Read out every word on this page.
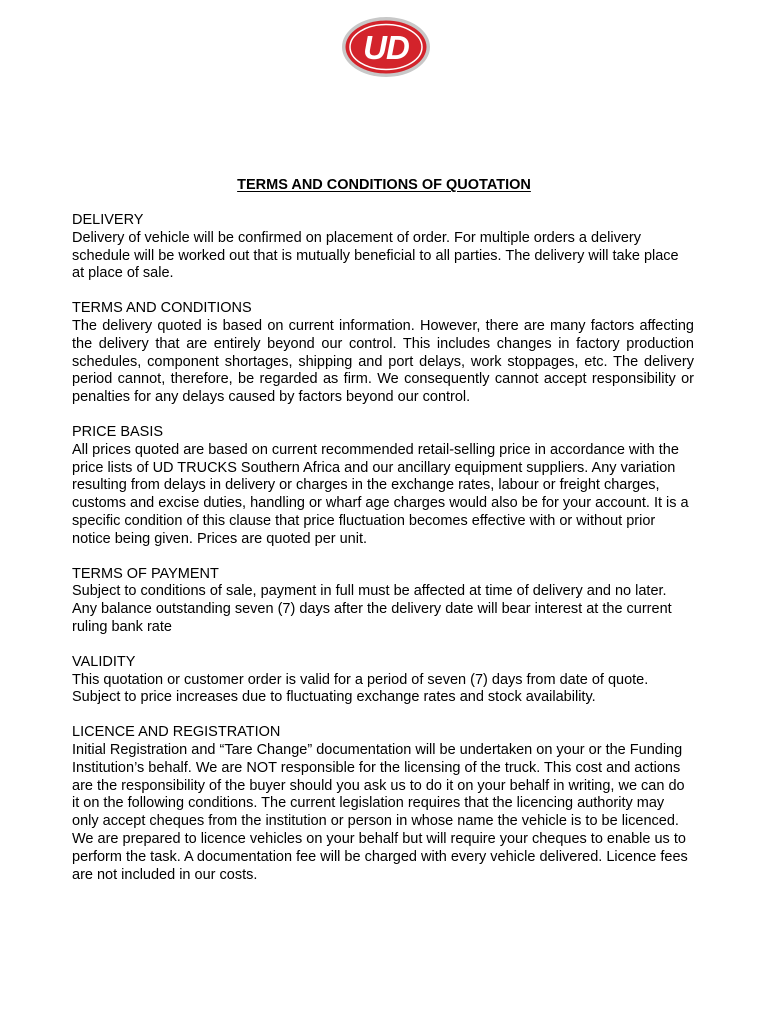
UD
TERMS AND CONDITIONS OF QUOTATION

DELIVERY

Delivery of vehicle will be confirmed on placement of order. For multiple orders a delivery schedule will be worked out that is mutually beneficial to all parties. The delivery will take place at place of sale.

TERMS AND CONDITIONS

The delivery quoted is based on current information. However, there are many factors affecting the delivery that are entirely beyond our control. This includes changes in factory production schedules, component shortages, shipping and port delays, work stoppages, etc. The delivery period cannot, therefore, be regarded as firm. We consequently cannot accept responsibility or penalties for any delays caused by factors beyond our control.

PRICE BASIS

All prices quoted are based on current recommended retail-selling price in accordance with the price lists of UD TRUCKS Southern Africa and our ancillary equipment suppliers. Any variation resulting from delays in delivery or charges in the exchange rates, labour or freight charges, customs and excise duties, handling or wharf age charges would also be for your account. It is a specific condition of this clause that price fluctuation becomes effective with or without prior notice being given. Prices are quoted per unit.

TERMS OF PAYMENT

Subject to conditions of sale, payment in full must be affected at time of delivery and no later. Any balance outstanding seven (7) days after the delivery date will bear interest at the current ruling bank rate

VALIDITY

This quotation or customer order is valid for a period of seven (7) days from date of quote. Subject to price increases due to fluctuating exchange rates and stock availability.

LICENCE AND REGISTRATION

Initial Registration and “Tare Change” documentation will be undertaken on your or the Funding Institution’s behalf. We are NOT responsible for the licensing of the truck. This cost and actions are the responsibility of the buyer should you ask us to do it on your behalf in writing, we can do it on the following conditions. The current legislation requires that the licencing authority may only accept cheques from the institution or person in whose name the vehicle is to be licenced. We are prepared to licence vehicles on your behalf but will require your cheques to enable us to perform the task. A documentation fee will be charged with every vehicle delivered. Licence fees are not included in our costs.
